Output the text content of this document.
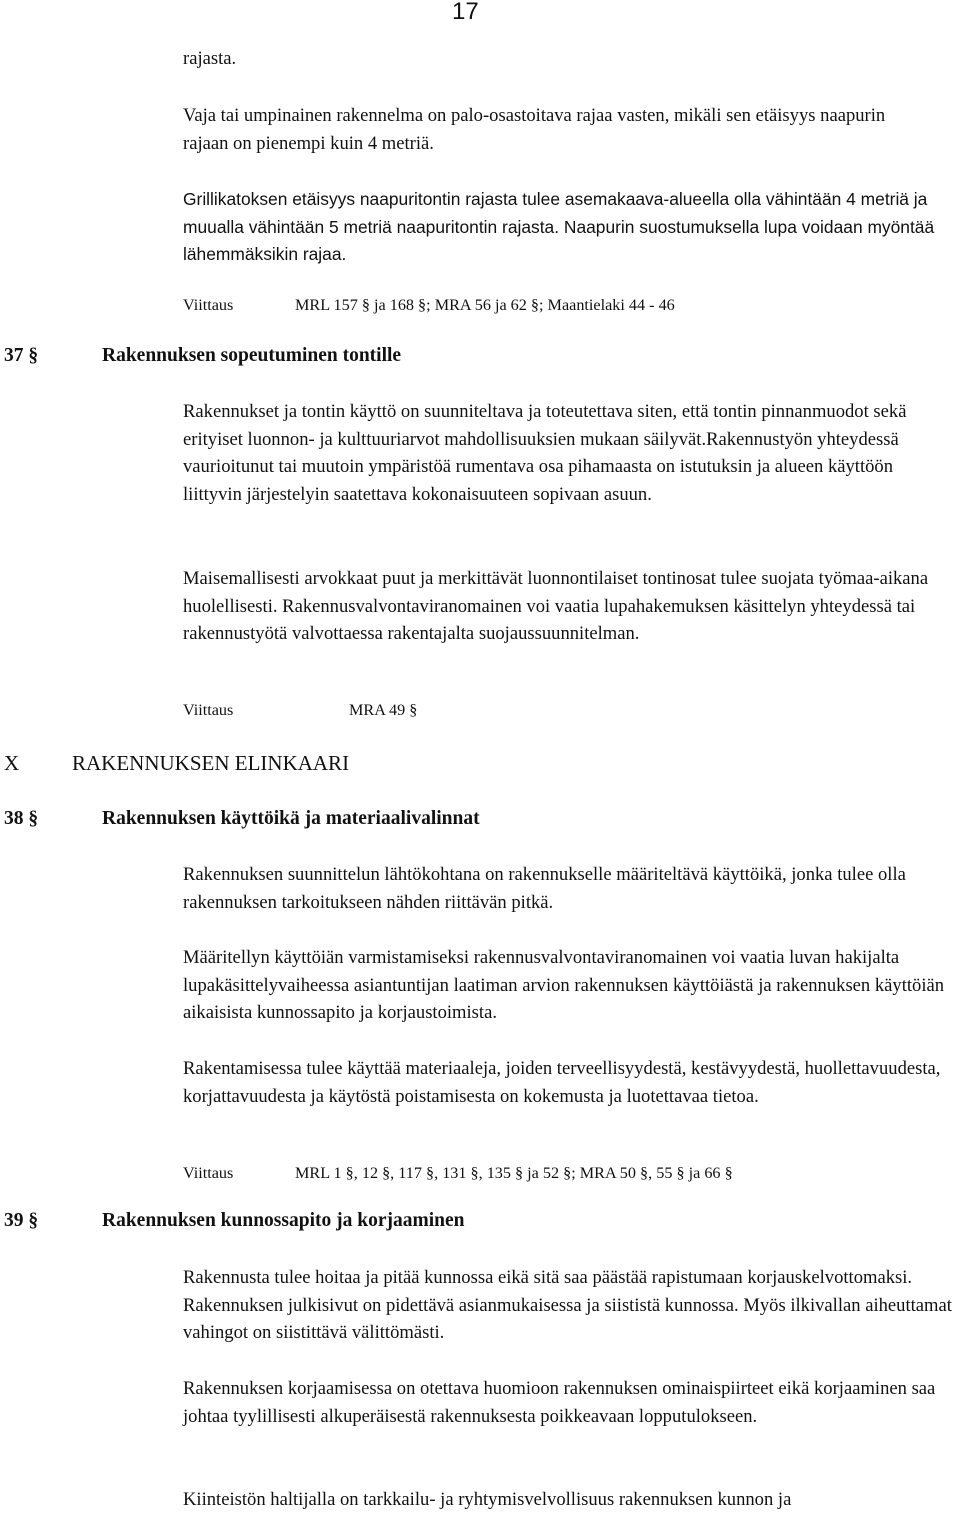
17
rajasta.
Vaja tai umpinainen rakennelma on palo-osastoitava rajaa vasten, mikäli sen etäisyys naapurin rajaan on pienempi kuin 4 metriä.
Grillikatoksen etäisyys naapuritontin rajasta tulee asemakaava-alueella olla vähintään 4 metriä ja muualla vähintään 5 metriä naapuritontin rajasta. Naapurin suostumuksella lupa voidaan myöntää lähemmäksikin rajaa.
Viittaus	MRL 157 § ja 168 §; MRA 56 ja 62 §; Maantielaki 44 - 46
37 §	Rakennuksen sopeutuminen tontille
Rakennukset ja tontin käyttö on suunniteltava ja toteutettava siten, että tontin pinnanmuodot sekä erityiset luonnon- ja kulttuuriarvot mahdollisuuksien mukaan säilyvät.Rakennustyön yhteydessä vaurioitunut tai muutoin ympäristöä rumentava osa pihamaasta on istutuksin ja alueen käyttöön liittyvin järjestelyin saatettava kokonaisuuteen sopivaan asuun.
Maisemallisesti arvokkaat puut ja merkittävät luonnontilaiset tontinosat tulee suojata työmaa-aikana huolellisesti. Rakennusvalvontaviranomainen voi vaatia lupahakemuksen käsittelyn yhteydessä tai rakennustyötä valvottaessa rakentajalta suojaussuunnitelman.
Viittaus	MRA 49 §
X	RAKENNUKSEN ELINKAARI
38 §	Rakennuksen käyttöikä ja materiaalivalinnat
Rakennuksen suunnittelun lähtökohtana on rakennukselle määriteltävä käyttöikä, jonka tulee olla rakennuksen tarkoitukseen nähden riittävän pitkä.
Määritellyn käyttöiän varmistamiseksi rakennusvalvontaviranomainen voi vaatia luvan hakijalta lupakäsittelyvaiheessa asiantuntijan laatiman arvion rakennuksen käyttöiästä ja rakennuksen käyttöiän aikaisista kunnossapito ja korjaustoimista.
Rakentamisessa tulee käyttää materiaaleja, joiden terveellisyydestä, kestävyydestä, huollettavuudesta, korjattavuudesta ja käytöstä poistamisesta on kokemusta ja luotettavaa tietoa.
Viittaus	MRL 1 §, 12 §, 117 §, 131 §, 135 § ja 52 §; MRA 50 §, 55 § ja 66 §
39 §	Rakennuksen kunnossapito ja korjaaminen
Rakennusta tulee hoitaa ja pitää kunnossa eikä sitä saa päästää rapistumaan korjauskelvottomaksi. Rakennuksen julkisivut on pidettävä asianmukaisessa ja siististä kunnossa. Myös ilkivallan aiheuttamat vahingot on siistittävä välittömästi.
Rakennuksen korjaamisessa on otettava huomioon rakennuksen ominaispiirteet eikä korjaaminen saa johtaa tyylillisesti alkuperäisestä rakennuksesta poikkeavaan lopputulokseen.
Kiinteistön haltijalla on tarkkailu- ja ryhtymisvelvollisuus rakennuksen kunnon ja
